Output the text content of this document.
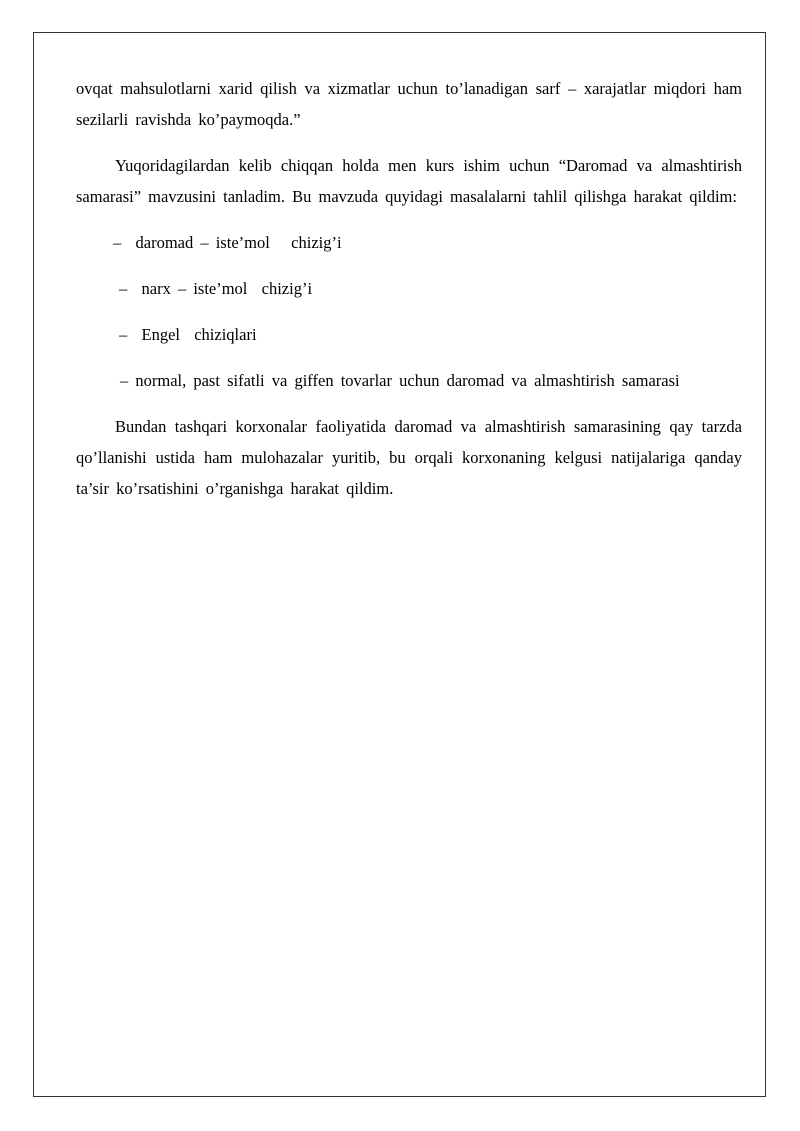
ovqat mahsulotlarni xarid qilish va xizmatlar uchun to’lanadigan sarf – xarajatlar miqdori ham sezilarli ravishda ko’paymoqda.”

Yuqoridagilardan kelib chiqqan holda men kurs ishim uchun “Daromad va almashtirish samarasi” mavzusini tanladim. Bu mavzuda quyidagi masalalarni tahlil qilishga harakat qildim:

–  daromad – iste’mol   chizig’i
–  narx – iste’mol  chizig’i
–  Engel  chiziqlari

– normal, past sifatli va giffen tovarlar uchun daromad va almashtirish samarasi

Bundan tashqari korxonalar faoliyatida daromad va almashtirish samarasining qay tarzda qo’llanishi ustida ham mulohazalar yuritib, bu orqali korxonaning kelgusi natijalariga qanday ta’sir ko’rsatishini o’rganishga harakat qildim.
